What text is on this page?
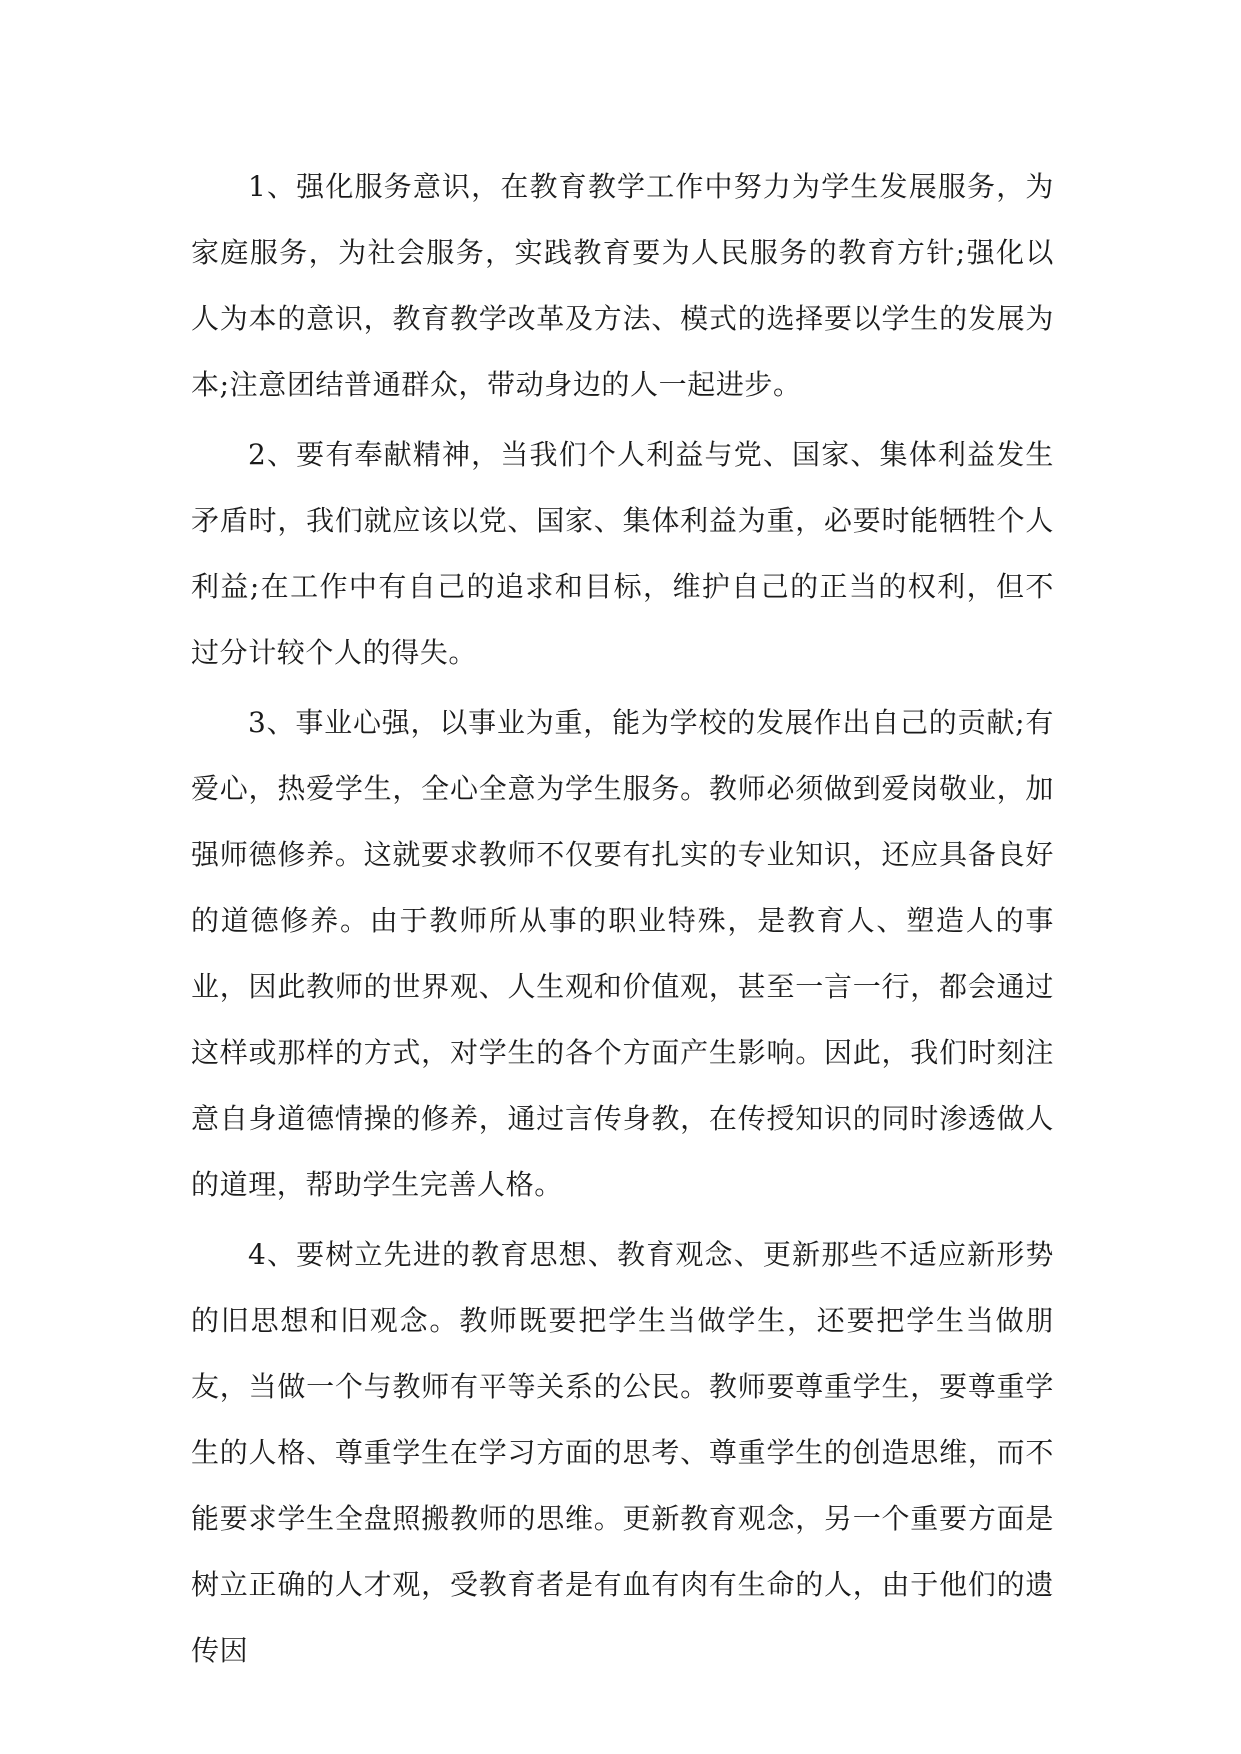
1、强化服务意识，在教育教学工作中努力为学生发展服务，为家庭服务，为社会服务，实践教育要为人民服务的教育方针;强化以人为本的意识，教育教学改革及方法、模式的选择要以学生的发展为本;注意团结普通群众，带动身边的人一起进步。

2、要有奉献精神，当我们个人利益与党、国家、集体利益发生矛盾时，我们就应该以党、国家、集体利益为重，必要时能牺牲个人利益;在工作中有自己的追求和目标，维护自己的正当的权利，但不过分计较个人的得失。

3、事业心强，以事业为重，能为学校的发展作出自己的贡献;有爱心，热爱学生，全心全意为学生服务。教师必须做到爱岗敬业，加强师德修养。这就要求教师不仅要有扎实的专业知识，还应具备良好的道德修养。由于教师所从事的职业特殊，是教育人、塑造人的事业，因此教师的世界观、人生观和价值观，甚至一言一行，都会通过这样或那样的方式，对学生的各个方面产生影响。因此，我们时刻注意自身道德情操的修养，通过言传身教，在传授知识的同时渗透做人的道理，帮助学生完善人格。

4、要树立先进的教育思想、教育观念、更新那些不适应新形势的旧思想和旧观念。教师既要把学生当做学生，还要把学生当做朋友，当做一个与教师有平等关系的公民。教师要尊重学生，要尊重学生的人格、尊重学生在学习方面的思考、尊重学生的创造思维，而不能要求学生全盘照搬教师的思维。更新教育观念，另一个重要方面是树立正确的人才观，受教育者是有血有肉有生命的人，由于他们的遗传因
